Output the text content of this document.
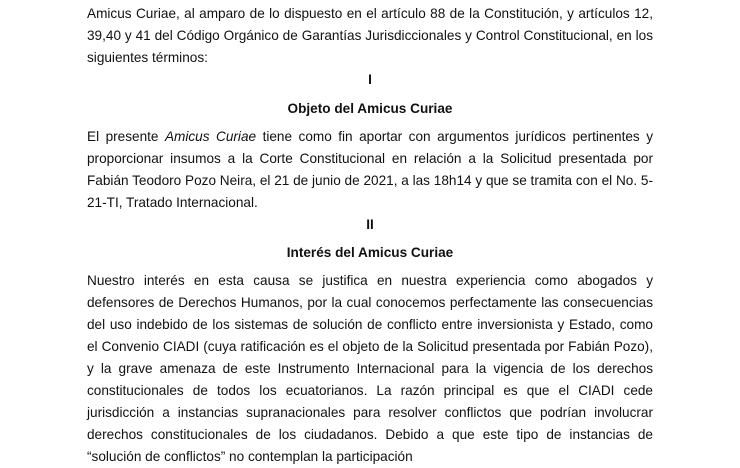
Amicus Curiae, al amparo de lo dispuesto en el artículo 88 de la Constitución, y artículos 12, 39,40 y 41 del Código Orgánico de Garantías Jurisdiccionales y Control Constitucional, en los siguientes términos:

I
Objeto del Amicus Curiae

El presente Amicus Curiae tiene como fin aportar con argumentos jurídicos pertinentes y proporcionar insumos a la Corte Constitucional en relación a la Solicitud presentada por Fabián Teodoro Pozo Neira, el 21 de junio de 2021, a las 18h14 y que se tramita con el No. 5-21-TI, Tratado Internacional.

II
Interés del Amicus Curiae

Nuestro interés en esta causa se justifica en nuestra experiencia como abogados y defensores de Derechos Humanos, por la cual conocemos perfectamente las consecuencias del uso indebido de los sistemas de solución de conflicto entre inversionista y Estado, como el Convenio CIADI (cuya ratificación es el objeto de la Solicitud presentada por Fabián Pozo), y la grave amenaza de este Instrumento Internacional para la vigencia de los derechos constitucionales de todos los ecuatorianos. La razón principal es que el CIADI cede jurisdicción a instancias supranacionales para resolver conflictos que podrían involucrar derechos constitucionales de los ciudadanos. Debido a que este tipo de instancias de “solución de conflictos” no contemplan la participación
